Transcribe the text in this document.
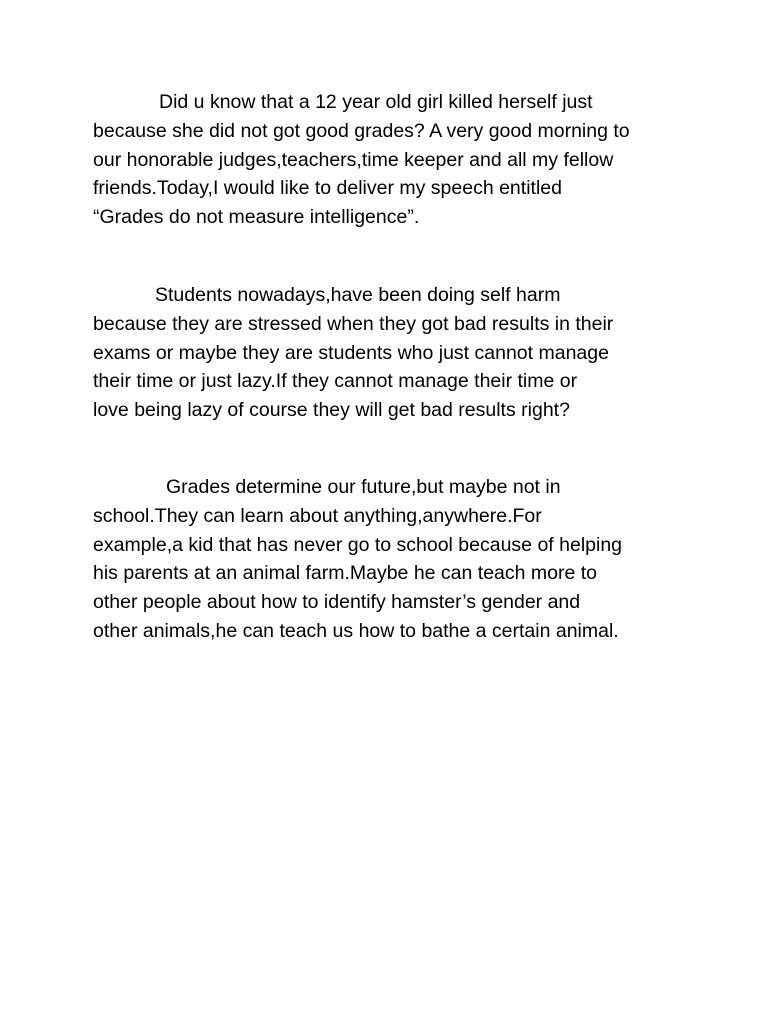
Did u know that a 12 year old girl killed herself just
because she did not got good grades? A very good morning to
our honorable judges,teachers,time keeper and all my fellow
friends.Today,I would like to deliver my speech entitled
“Grades do not measure intelligence”.
Students nowadays,have been doing self harm
because they are stressed when they got bad results in their
exams or maybe they are students who just cannot manage
their time or just lazy.If they cannot manage their time or
love being lazy of course they will get bad results right?
Grades determine our future,but maybe not in
school.They can learn about anything,anywhere.For
example,a kid that has never go to school because of helping
his parents at an animal farm.Maybe he can teach more to
other people about how to identify hamster’s gender and
other animals,he can teach us how to bathe a certain animal.
